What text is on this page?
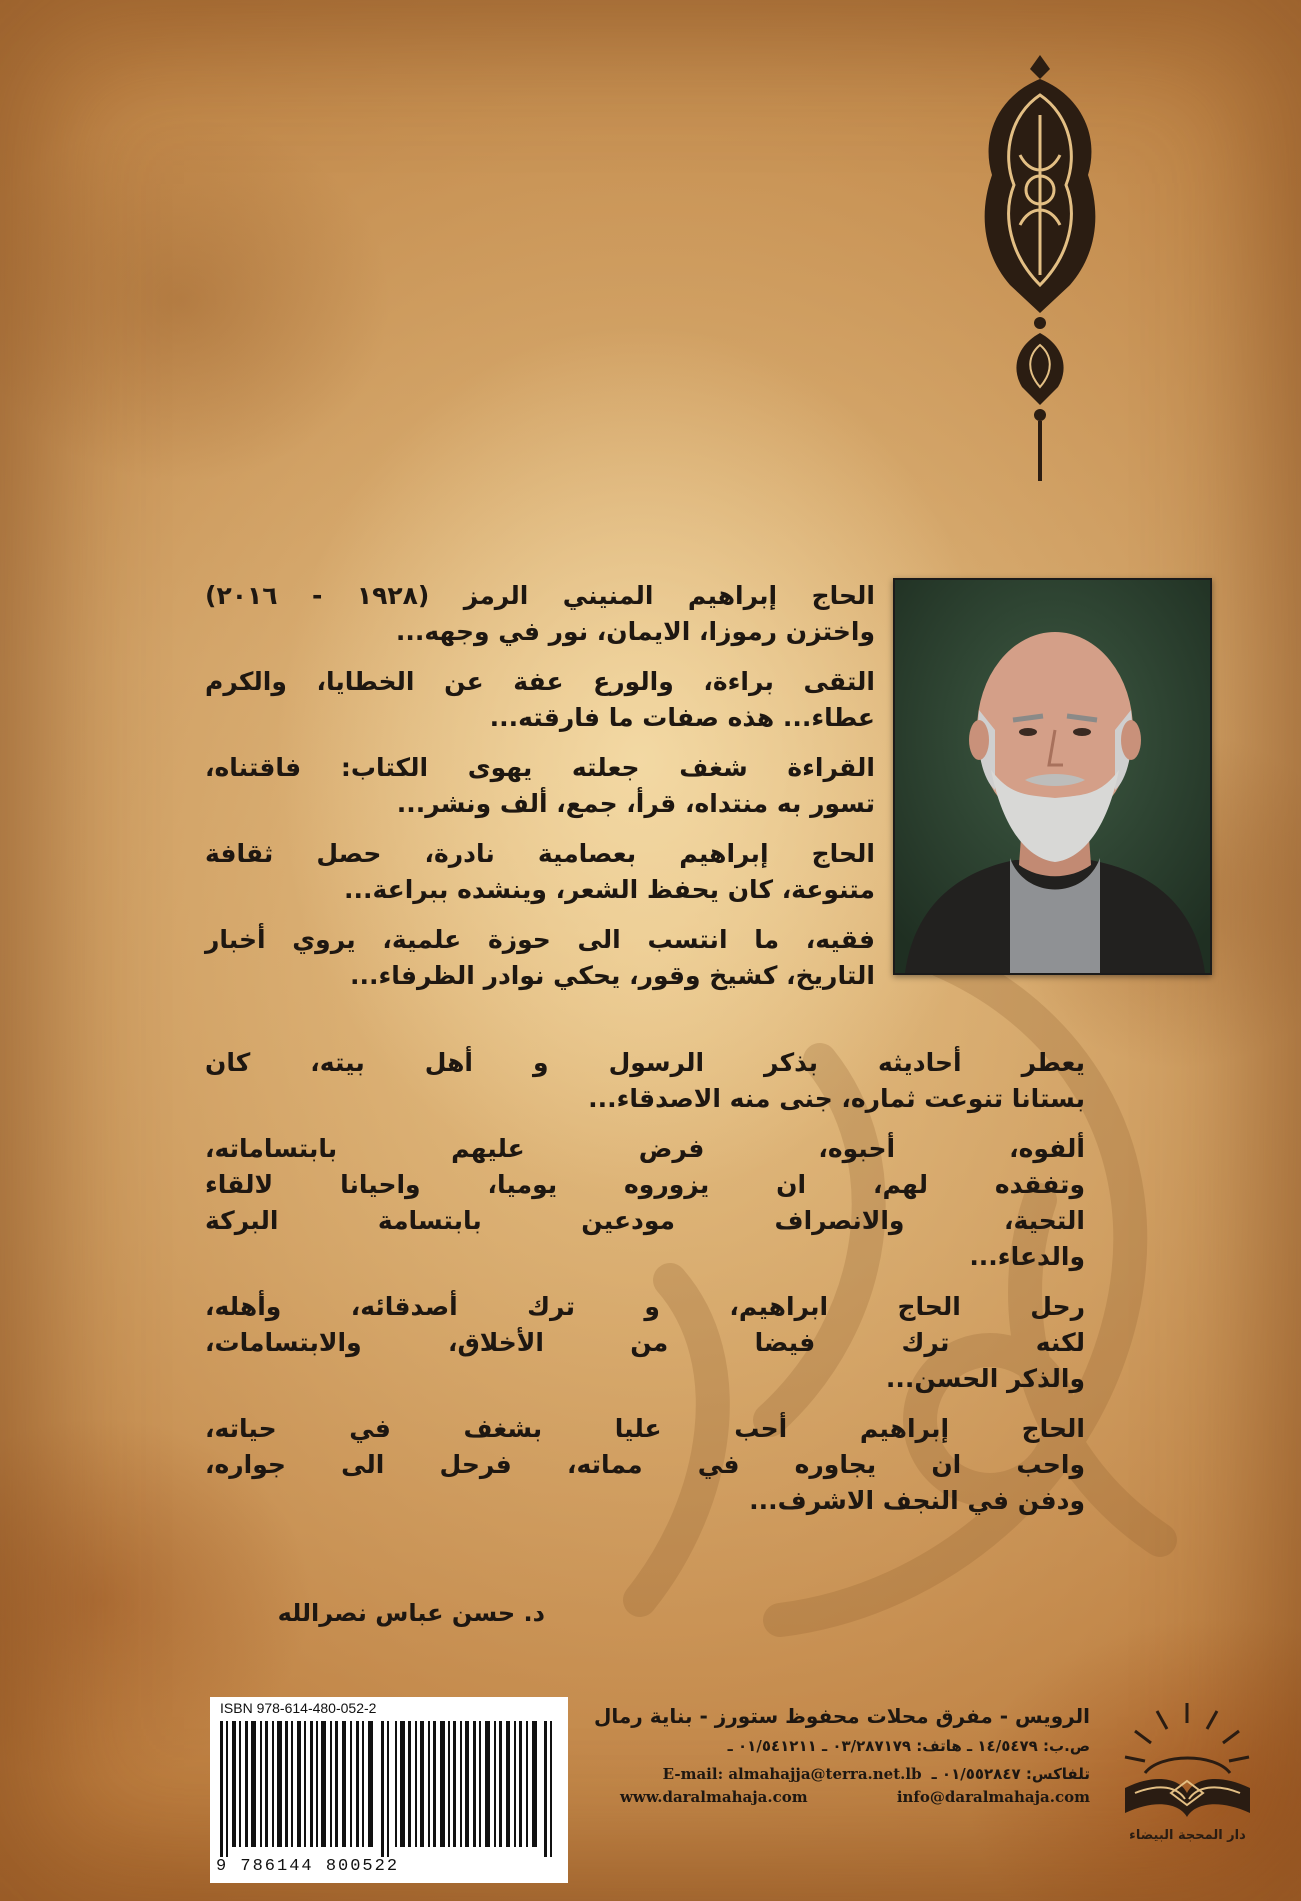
الحاج إبراهيم المنيني الرمز (١٩٢٨ - ٢٠١٦)
واختزن رموزا، الايمان، نور في وجهه...

التقى براءة، والورع عفة عن الخطايا، والكرم
عطاء... هذه صفات ما فارقته...

القراءة شغف جعلته يهوى الكتاب: فاقتناه،
تسور به منتداه، قرأ، جمع، ألف ونشر...

الحاج إبراهيم بعصامية نادرة، حصل ثقافة
متنوعة، كان يحفظ الشعر، وينشده ببراعة...

فقيه، ما انتسب الى حوزة علمية، يروي أخبار
التاريخ، كشيخ وقور، يحكي نوادر الظرفاء...

يعطر أحاديثه بذكر الرسول و أهل بيته، كان
بستانا تنوعت ثماره، جنى منه الاصدقاء...

ألفوه، أحبوه، فرض عليهم بابتساماته،
وتفقده لهم، ان يزوروه يوميا، واحيانا لالقاء
التحية، والانصراف مودعين بابتسامة البركة
والدعاء...

رحل الحاج ابراهيم، و ترك أصدقائه، وأهله،
لكنه ترك فيضا من الأخلاق، والابتسامات،
والذكر الحسن...

الحاج إبراهيم أحب عليا بشغف في حياته،
واحب ان يجاوره في مماته، فرحل الى جواره،
ودفن في النجف الاشرف...

د. حسن عباس نصرالله
ISBN 978-614-480-052-2
9 786144 800522
الرويس - مفرق محلات محفوظ ستورز - بناية رمال
ص.ب: ١٤/٥٤٧٩ ـ هاتف: ٠٣/٢٨٧١٧٩ ـ ٠١/٥٤١٢١١ ـ
تلفاكس: ٠١/٥٥٢٨٤٧ ـ
E-mail: almahajja@terra.net.lb
www.daralmahaja.com	info@daralmahaja.com
دار المحجة البيضاء
